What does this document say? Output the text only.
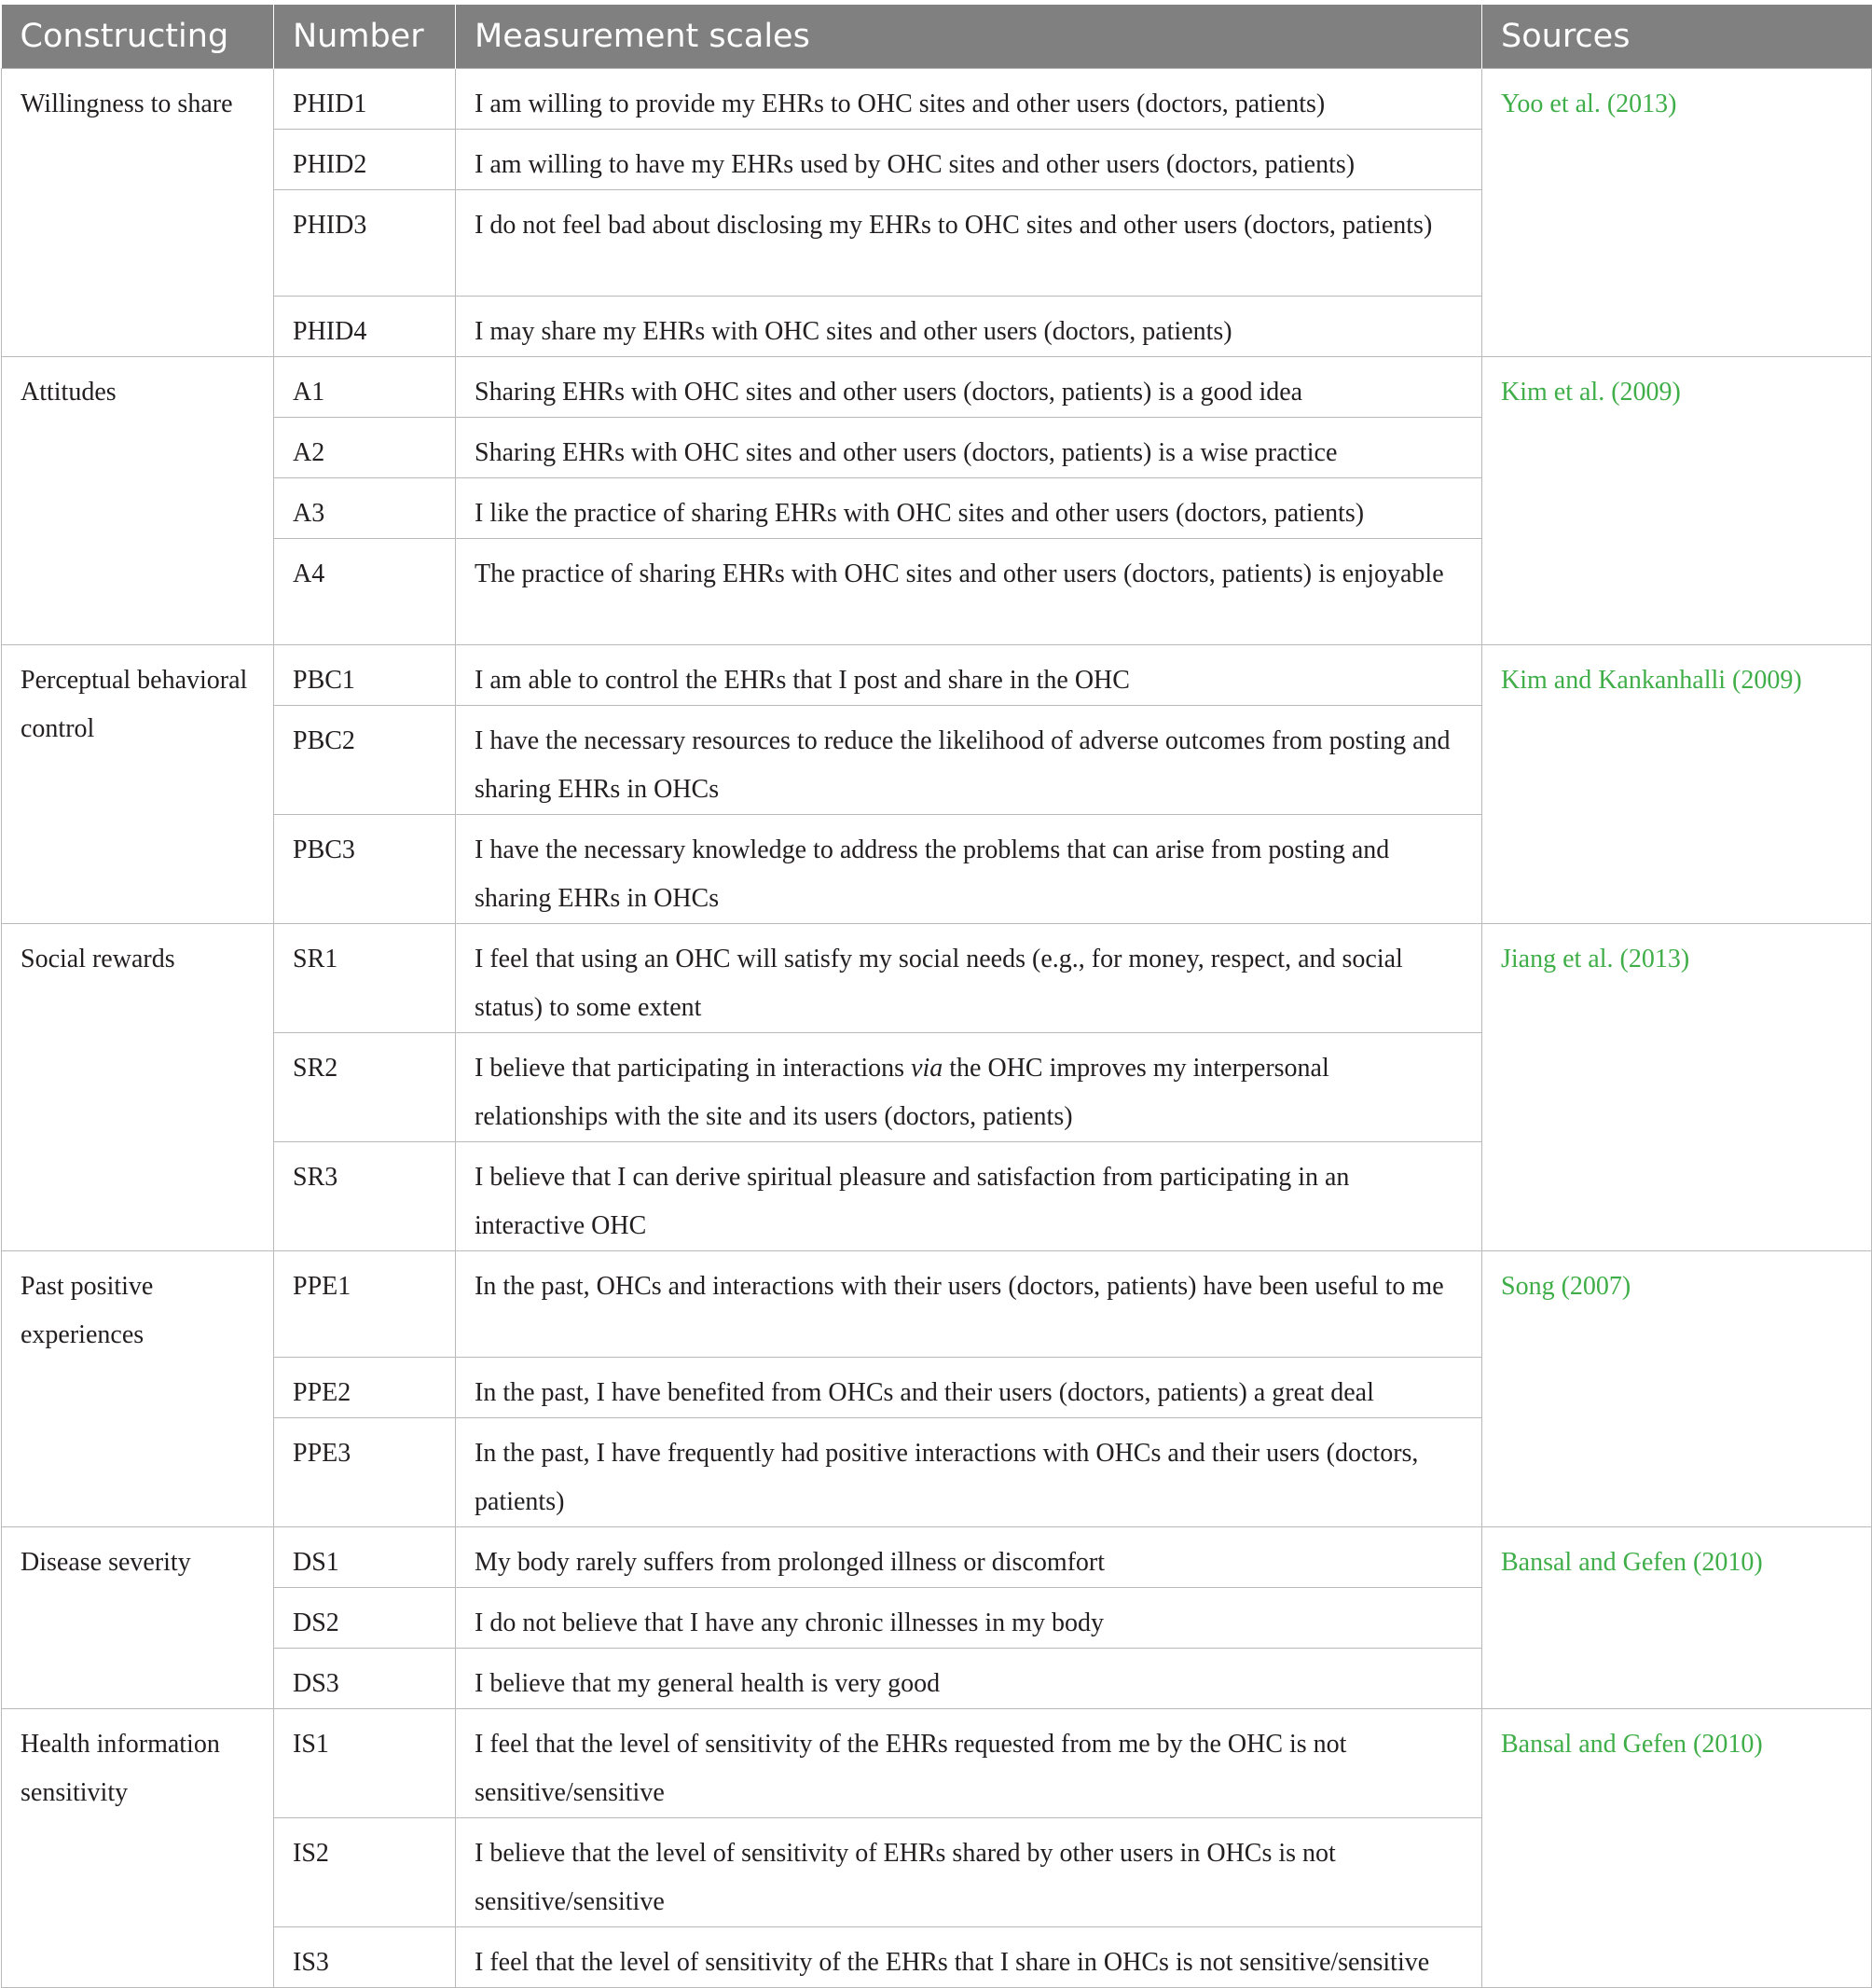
Constructing	Number	Measurement scales	Sources
Willingness to share	PHID1	I am willing to provide my EHRs to OHC sites and other users (doctors, patients)	Yoo et al. (2013)
	PHID2	I am willing to have my EHRs used by OHC sites and other users (doctors, patients)	
	PHID3	I do not feel bad about disclosing my EHRs to OHC sites and other users (doctors, patients)	
	PHID4	I may share my EHRs with OHC sites and other users (doctors, patients)	
Attitudes	A1	Sharing EHRs with OHC sites and other users (doctors, patients) is a good idea	Kim et al. (2009)
	A2	Sharing EHRs with OHC sites and other users (doctors, patients) is a wise practice	
	A3	I like the practice of sharing EHRs with OHC sites and other users (doctors, patients)	
	A4	The practice of sharing EHRs with OHC sites and other users (doctors, patients) is enjoyable	
Perceptual behavioral control	PBC1	I am able to control the EHRs that I post and share in the OHC	Kim and Kankanhalli (2009)
	PBC2	I have the necessary resources to reduce the likelihood of adverse outcomes from posting and sharing EHRs in OHCs	
	PBC3	I have the necessary knowledge to address the problems that can arise from posting and sharing EHRs in OHCs	
Social rewards	SR1	I feel that using an OHC will satisfy my social needs (e.g., for money, respect, and social status) to some extent	Jiang et al. (2013)
	SR2	I believe that participating in interactions via the OHC improves my interpersonal relationships with the site and its users (doctors, patients)	
	SR3	I believe that I can derive spiritual pleasure and satisfaction from participating in an interactive OHC	
Past positive experiences	PPE1	In the past, OHCs and interactions with their users (doctors, patients) have been useful to me	Song (2007)
	PPE2	In the past, I have benefited from OHCs and their users (doctors, patients) a great deal	
	PPE3	In the past, I have frequently had positive interactions with OHCs and their users (doctors, patients)	
Disease severity	DS1	My body rarely suffers from prolonged illness or discomfort	Bansal and Gefen (2010)
	DS2	I do not believe that I have any chronic illnesses in my body	
	DS3	I believe that my general health is very good	
Health information sensitivity	IS1	I feel that the level of sensitivity of the EHRs requested from me by the OHC is not sensitive/sensitive	Bansal and Gefen (2010)
	IS2	I believe that the level of sensitivity of EHRs shared by other users in OHCs is not sensitive/sensitive	
	IS3	I feel that the level of sensitivity of the EHRs that I share in OHCs is not sensitive/sensitive	
